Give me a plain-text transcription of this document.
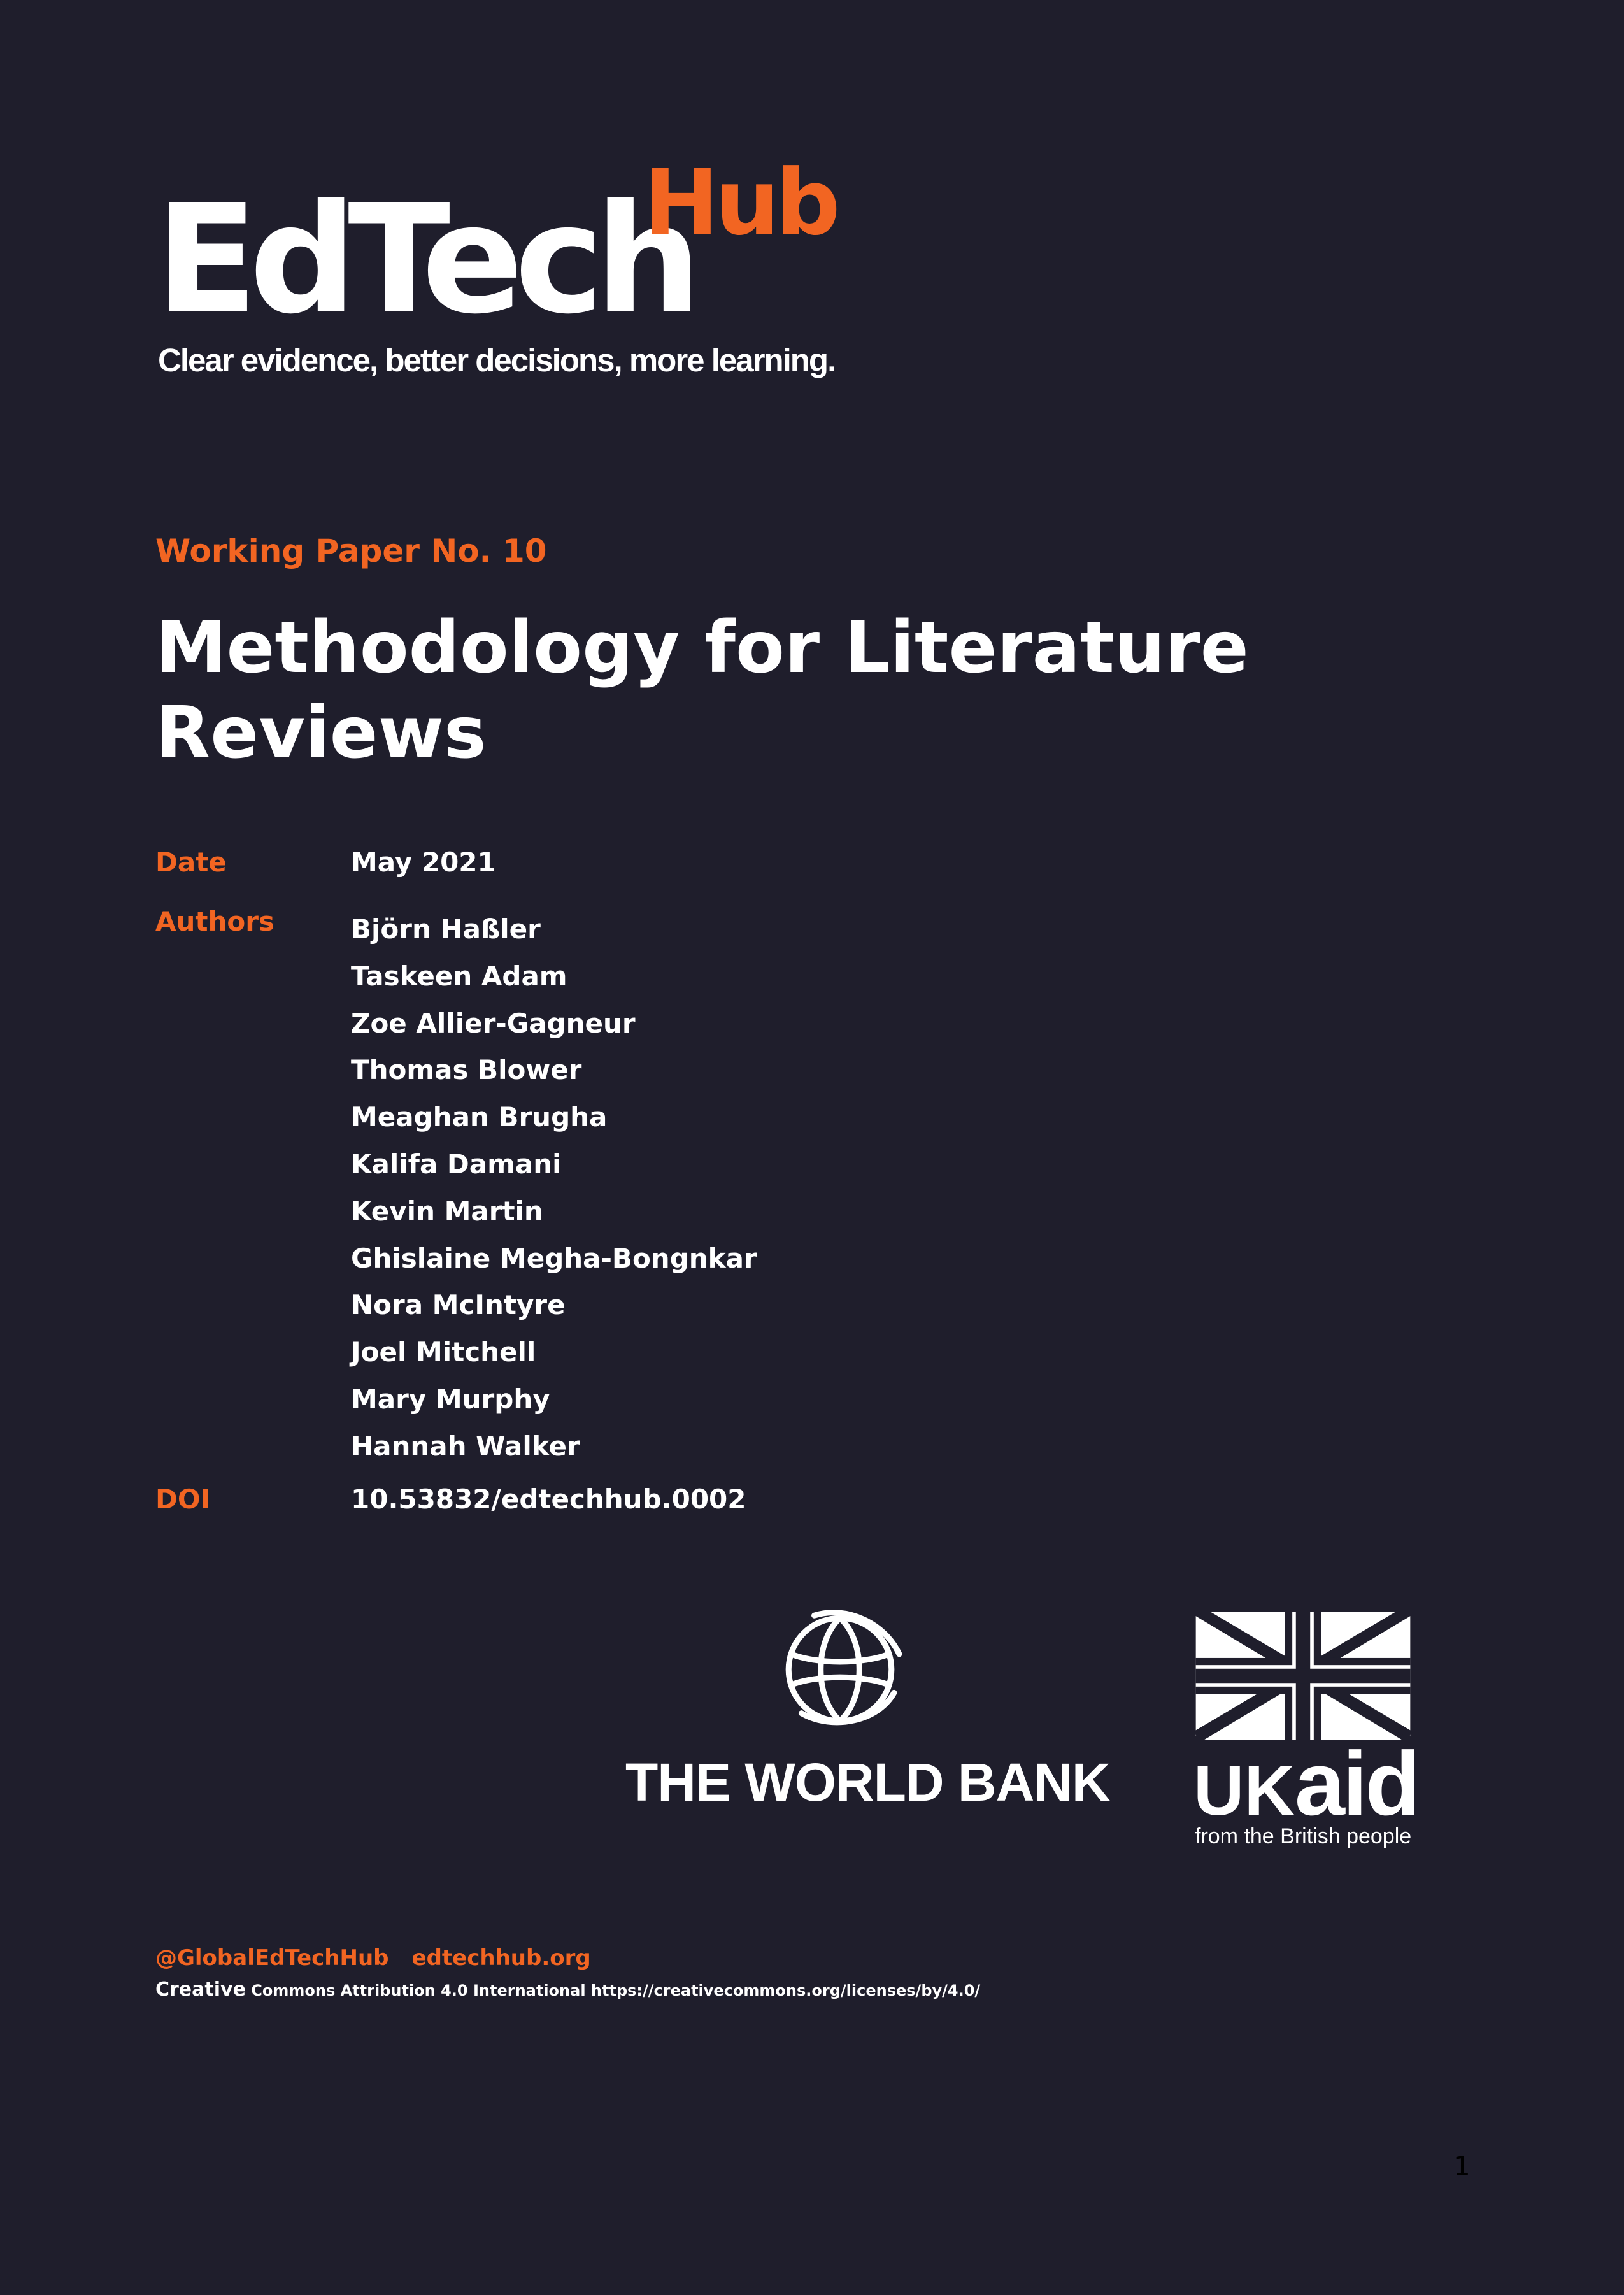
EdTech
Hub
Clear evidence, better decisions, more learning.
Working Paper No. 10
Methodology for Literature Reviews
Date	May 2021
Authors	Björn Haßler
Taskeen Adam
Zoe Allier-Gagneur
Thomas Blower
Meaghan Brugha
Kalifa Damani
Kevin Martin
Ghislaine Megha-Bongnkar
Nora McIntyre
Joel Mitchell
Mary Murphy
Hannah Walker
DOI	10.53832/edtechhub.0002
THE WORLD BANK UKaid
from the British people
@GlobalEdTechHub edtechhub.org
Creative Commons Attribution 4.0 International https://creativecommons.org/licenses/by/4.0/
1
